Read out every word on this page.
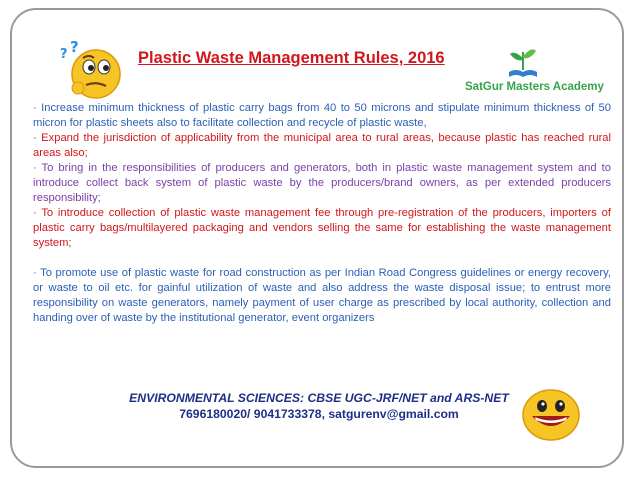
? ?
Plastic Waste Management Rules, 2016
SatGur Masters Academy

· Increase minimum thickness of plastic carry bags from 40 to 50 microns and stipulate minimum thickness of 50 micron for plastic sheets also to facilitate collection and recycle of plastic waste,

· Expand the jurisdiction of applicability from the municipal area to rural areas, because plastic has reached rural areas also;

· To bring in the responsibilities of producers and generators, both in plastic waste management system and to introduce collect back system of plastic waste by the producers/brand owners, as per extended producers responsibility;

· To introduce collection of plastic waste management fee through pre-registration of the producers, importers of plastic carry bags/multilayered packaging and vendors selling the same for establishing the waste management system;

· To promote use of plastic waste for road construction as per Indian Road Congress guidelines or energy recovery, or waste to oil etc. for gainful utilization of waste and also address the waste disposal issue; to entrust more responsibility on waste generators, namely payment of user charge as prescribed by local authority, collection and handing over of waste by the institutional generator, event organizers

ENVIRONMENTAL SCIENCES: CBSE UGC-JRF/NET and ARS-NET
7696180020/ 9041733378, satgurenv@gmail.com
